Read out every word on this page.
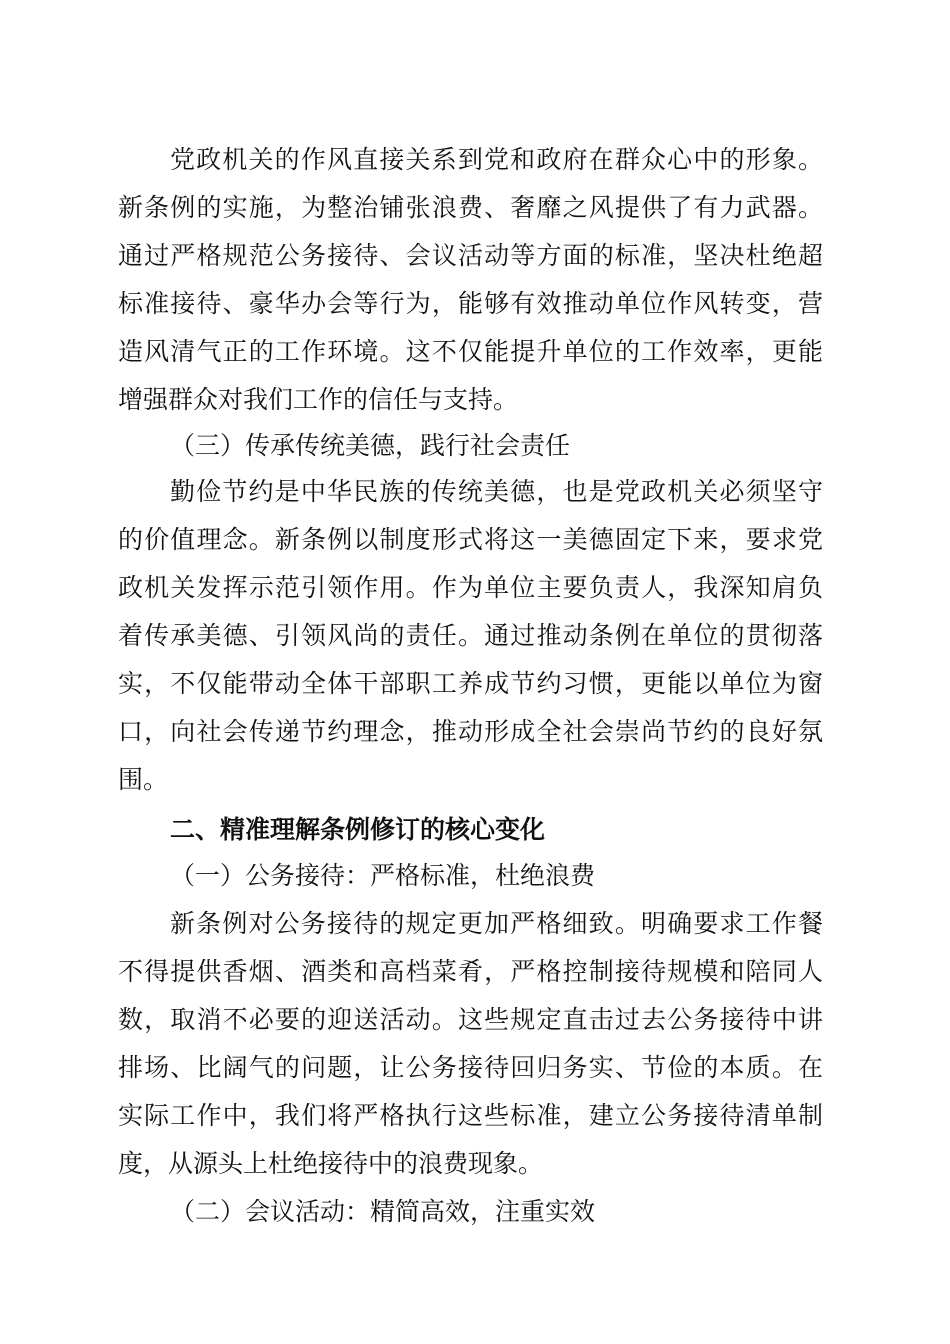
党政机关的作风直接关系到党和政府在群众心中的形象。

新条例的实施，为整治铺张浪费、奢靡之风提供了有力武器。

通过严格规范公务接待、会议活动等方面的标准，坚决杜绝超

标准接待、豪华办会等行为，能够有效推动单位作风转变，营

造风清气正的工作环境。这不仅能提升单位的工作效率，更能

增强群众对我们工作的信任与支持。

（三）传承传统美德，践行社会责任

勤俭节约是中华民族的传统美德，也是党政机关必须坚守

的价值理念。新条例以制度形式将这一美德固定下来，要求党

政机关发挥示范引领作用。作为单位主要负责人，我深知肩负

着传承美德、引领风尚的责任。通过推动条例在单位的贯彻落

实，不仅能带动全体干部职工养成节约习惯，更能以单位为窗

口，向社会传递节约理念，推动形成全社会崇尚节约的良好氛

围。

二、精准理解条例修订的核心变化

（一）公务接待：严格标准，杜绝浪费

新条例对公务接待的规定更加严格细致。明确要求工作餐

不得提供香烟、酒类和高档菜肴，严格控制接待规模和陪同人

数，取消不必要的迎送活动。这些规定直击过去公务接待中讲

排场、比阔气的问题，让公务接待回归务实、节俭的本质。在

实际工作中，我们将严格执行这些标准，建立公务接待清单制

度，从源头上杜绝接待中的浪费现象。

（二）会议活动：精简高效，注重实效
